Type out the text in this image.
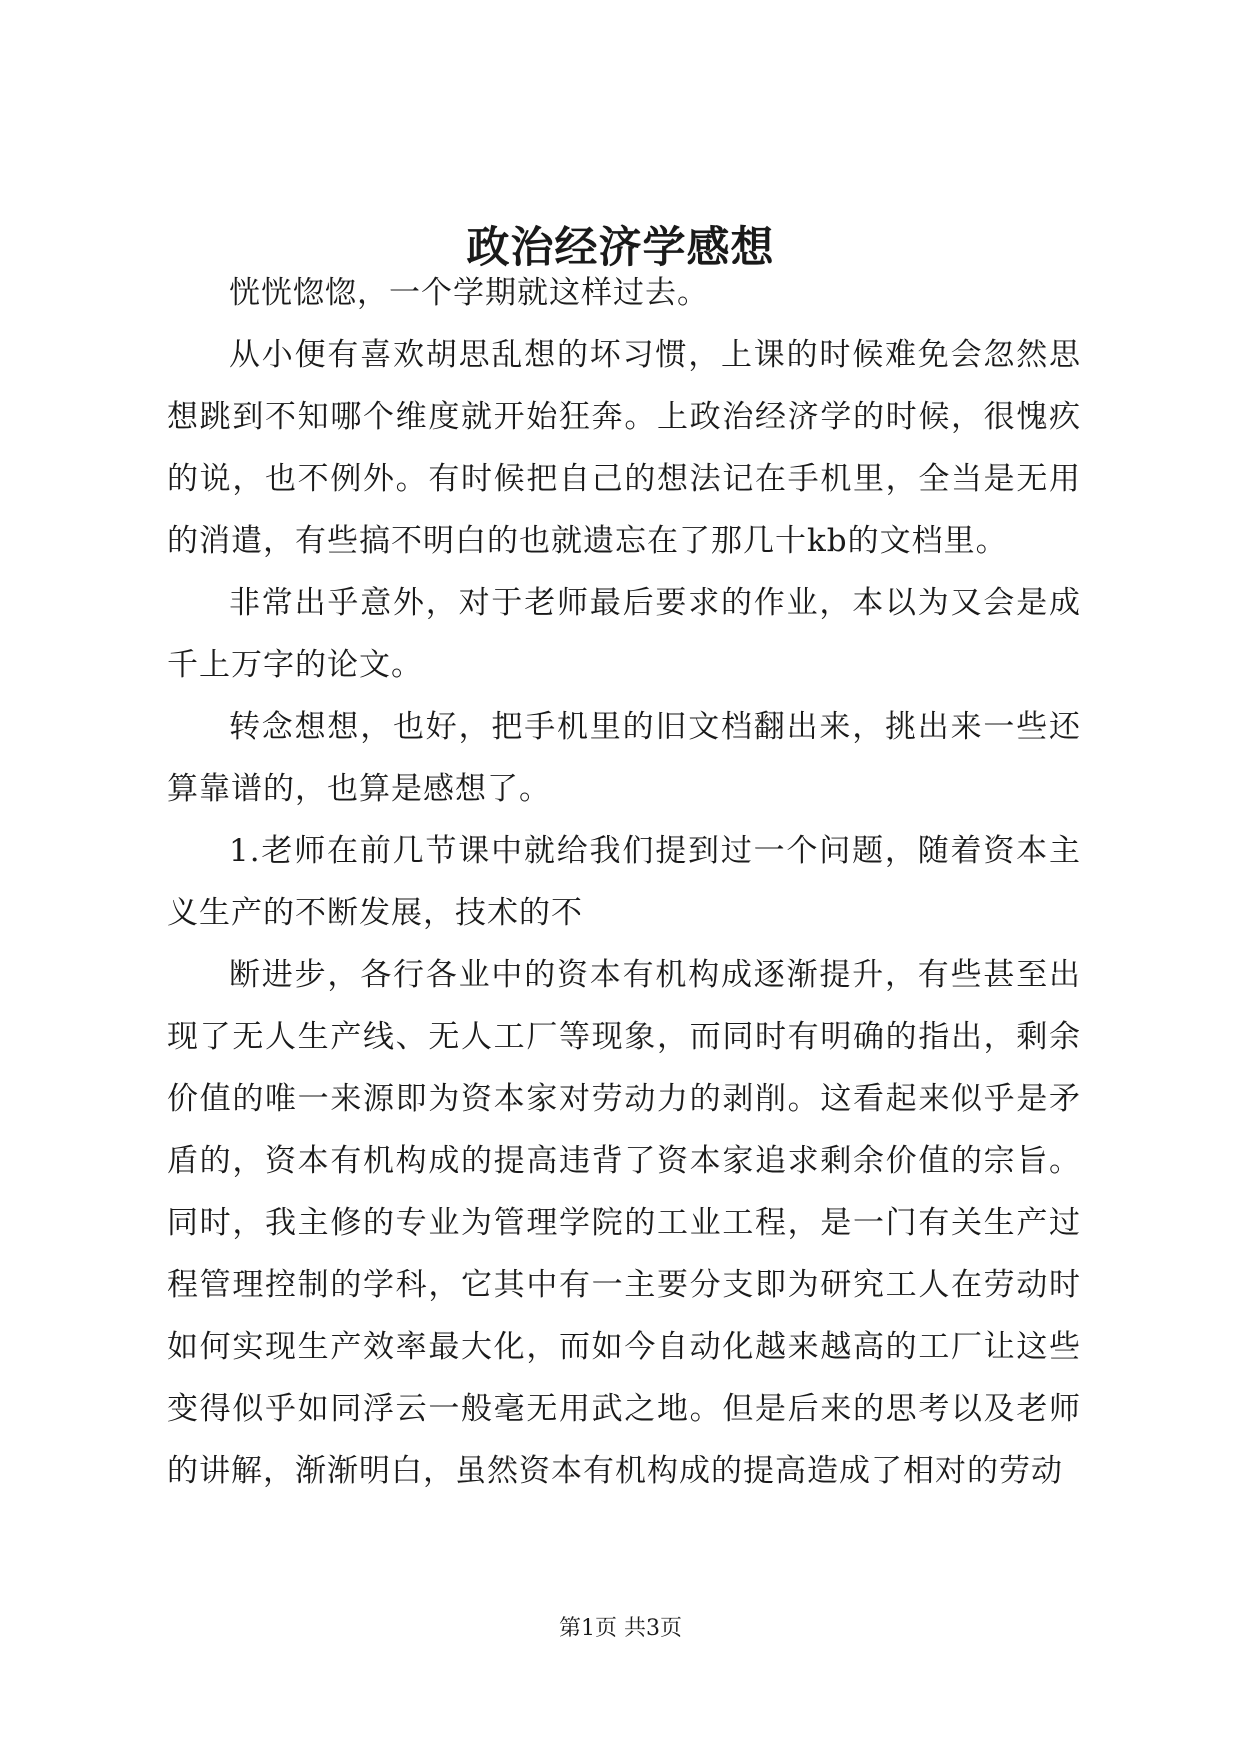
政治经济学感想

恍恍惚惚，一个学期就这样过去。

从小便有喜欢胡思乱想的坏习惯，上课的时候难免会忽然思想跳到不知哪个维度就开始狂奔。上政治经济学的时候，很愧疚的说，也不例外。有时候把自己的想法记在手机里，全当是无用的消遣，有些搞不明白的也就遗忘在了那几十kb的文档里。

非常出乎意外，对于老师最后要求的作业，本以为又会是成千上万字的论文。

转念想想，也好，把手机里的旧文档翻出来，挑出来一些还算靠谱的，也算是感想了。

1.老师在前几节课中就给我们提到过一个问题，随着资本主义生产的不断发展，技术的不

断进步，各行各业中的资本有机构成逐渐提升，有些甚至出现了无人生产线、无人工厂等现象，而同时有明确的指出，剩余价值的唯一来源即为资本家对劳动力的剥削。这看起来似乎是矛盾的，资本有机构成的提高违背了资本家追求剩余价值的宗旨。同时，我主修的专业为管理学院的工业工程，是一门有关生产过程管理控制的学科，它其中有一主要分支即为研究工人在劳动时如何实现生产效率最大化，而如今自动化越来越高的工厂让这些变得似乎如同浮云一般毫无用武之地。但是后来的思考以及老师的讲解，渐渐明白，虽然资本有机构成的提高造成了相对的劳动

第1页 共3页
